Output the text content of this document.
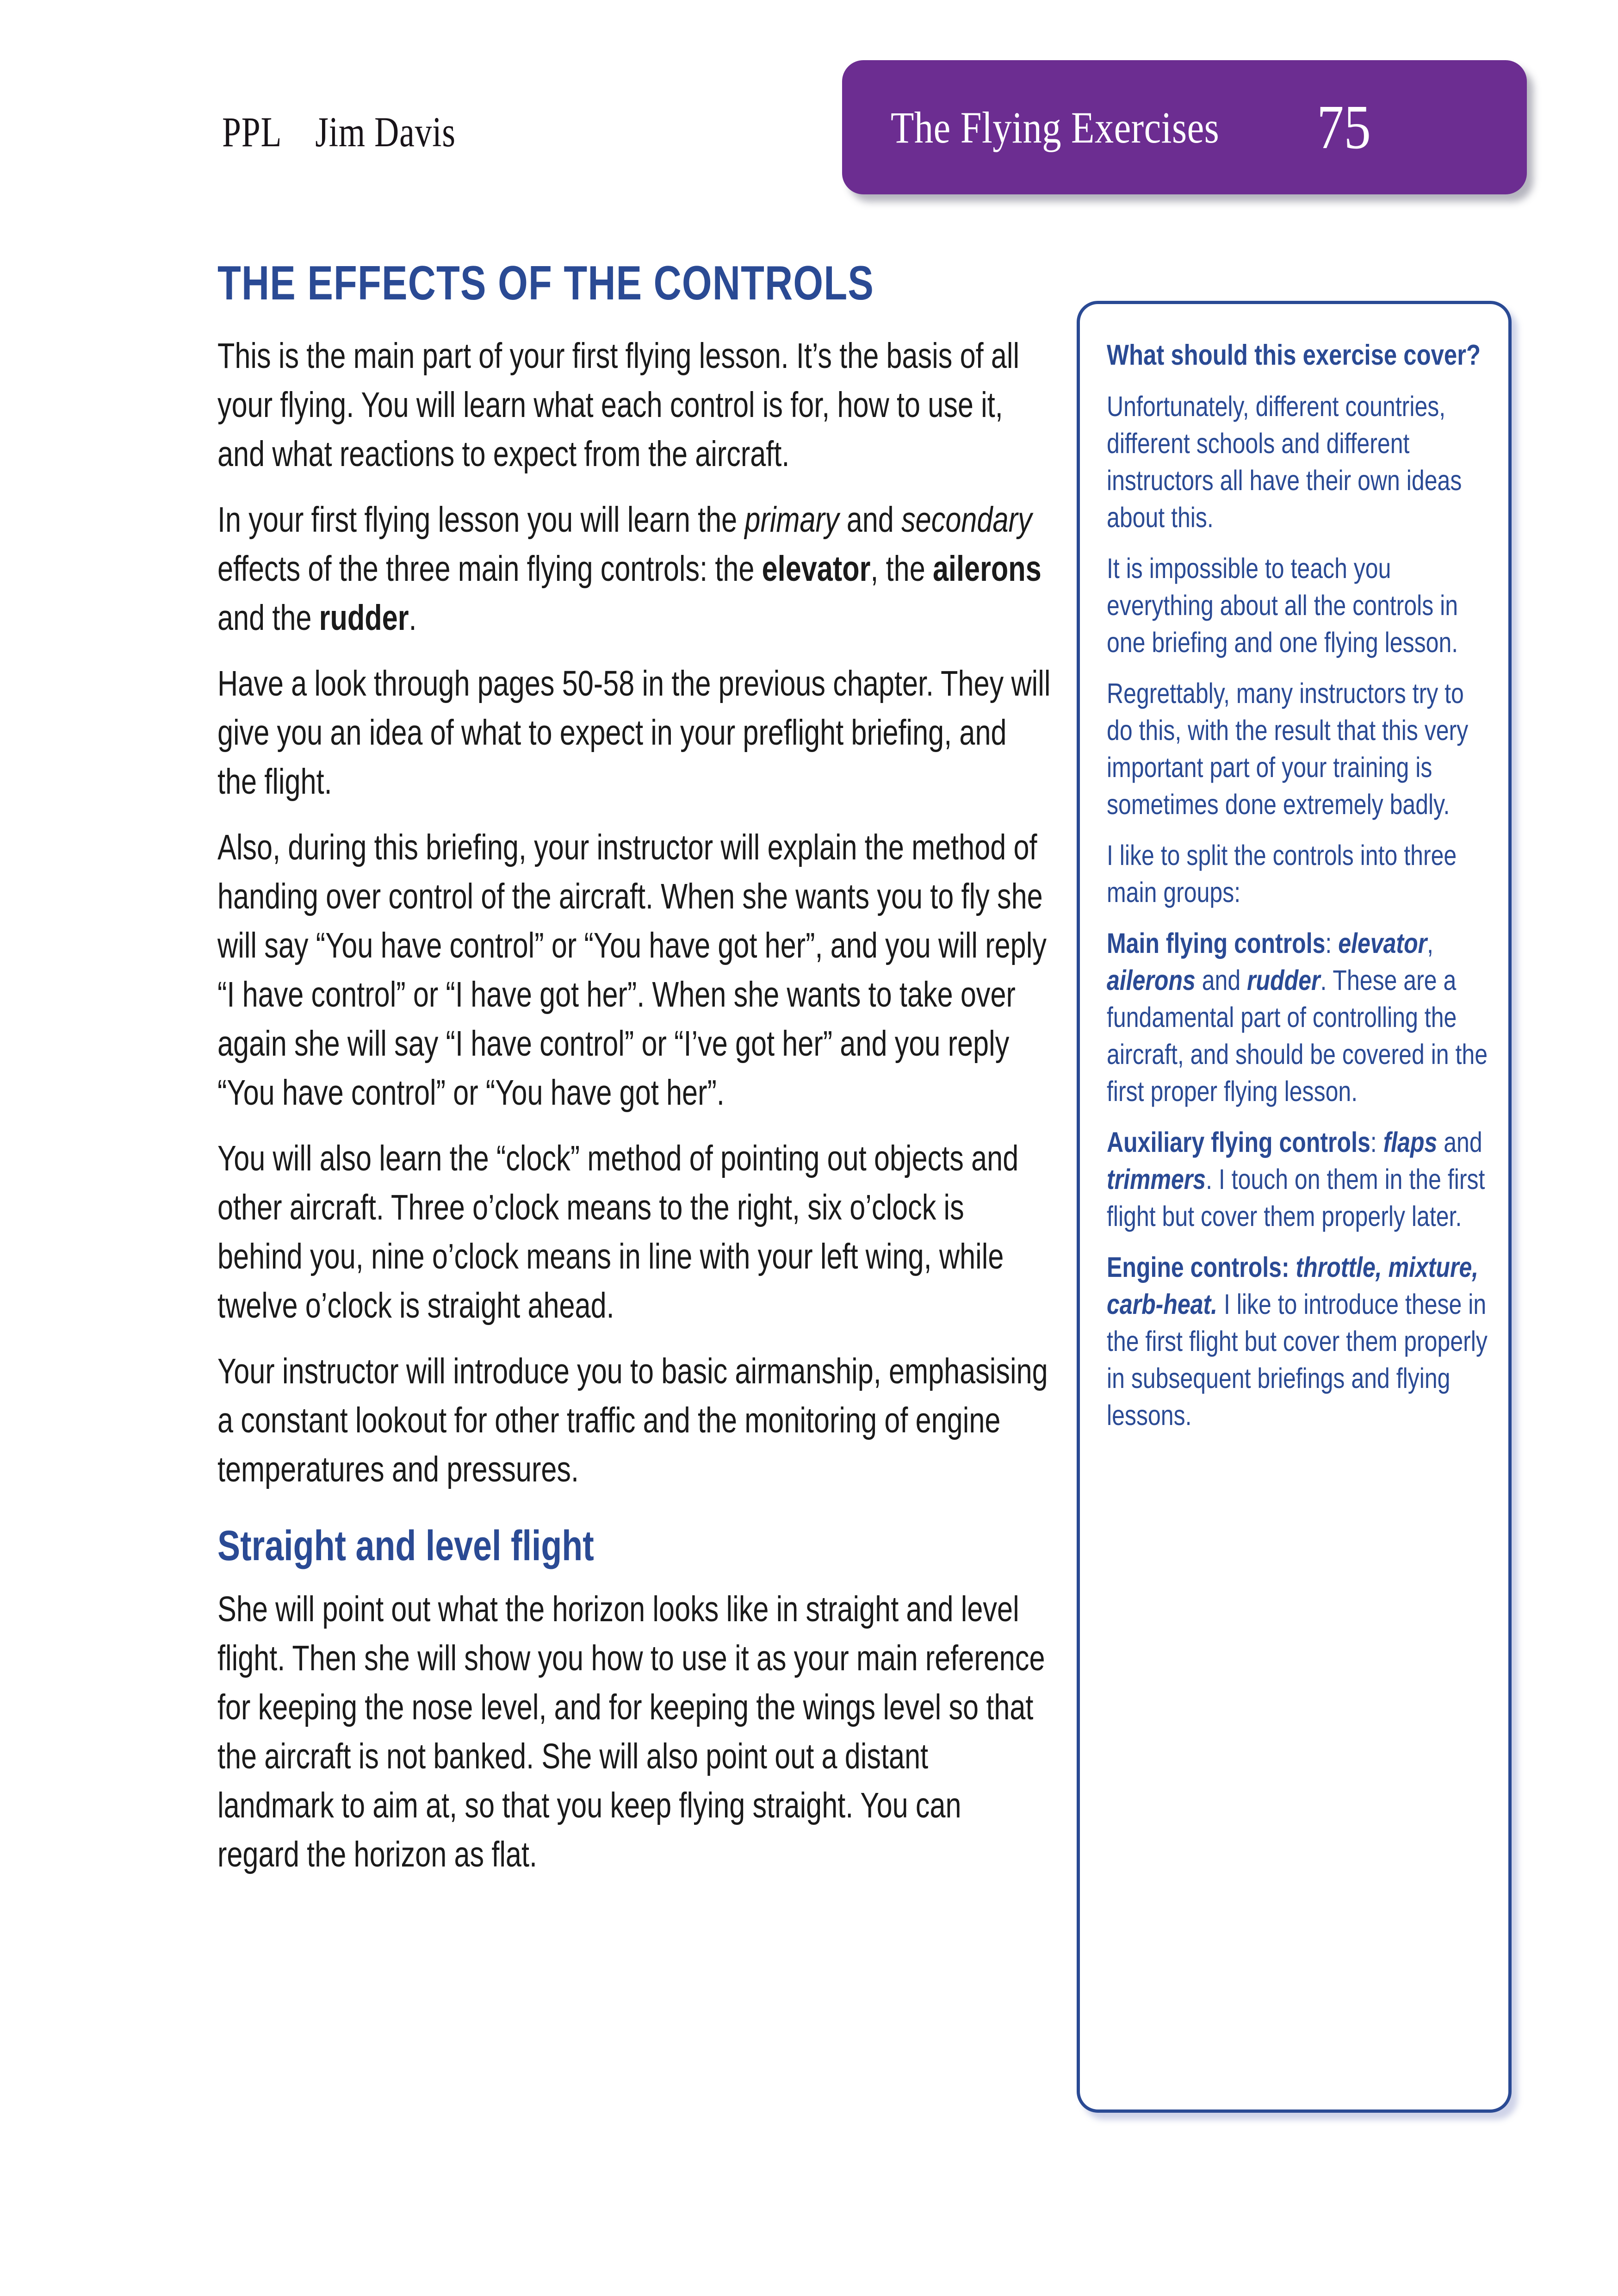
PPL Jim Davis	The Flying Exercises 75
THE EFFECTS OF THE CONTROLS

This is the main part of your first flying lesson. It’s the basis of all your flying. You will learn what each control is for, how to use it, and what reactions to expect from the aircraft.

In your first flying lesson you will learn the primary and secondary effects of the three main flying controls: the elevator, the ailerons and the rudder.

Have a look through pages 50-58 in the previous chapter. They will give you an idea of what to expect in your preflight briefing, and the flight.

Also, during this briefing, your instructor will explain the method of handing over control of the aircraft. When she wants you to fly she will say “You have control” or “You have got her”, and you will reply “I have control” or “I have got her”. When she wants to take over again she will say “I have control” or “I’ve got her” and you reply “You have control” or “You have got her”.

You will also learn the “clock” method of pointing out objects and other aircraft. Three o’clock means to the right, six o’clock is behind you, nine o’clock means in line with your left wing, while twelve o’clock is straight ahead.

Your instructor will introduce you to basic airmanship, emphasising a constant lookout for other traffic and the monitoring of engine temperatures and pressures.

Straight and level flight

She will point out what the horizon looks like in straight and level flight. Then she will show you how to use it as your main reference for keeping the nose level, and for keeping the wings level so that the aircraft is not banked. She will also point out a distant landmark to aim at, so that you keep flying straight. You can regard the horizon as flat.

What should this exercise cover?

Unfortunately, different countries, different schools and different instructors all have their own ideas about this.

It is impossible to teach you everything about all the controls in one briefing and one flying lesson.

Regrettably, many instructors try to do this, with the result that this very important part of your training is sometimes done extremely badly.

I like to split the controls into three main groups:

Main flying controls: elevator, ailerons and rudder. These are a fundamental part of controlling the aircraft, and should be covered in the first proper flying lesson.

Auxiliary flying controls: flaps and trimmers. I touch on them in the first flight but cover them properly later.

Engine controls: throttle, mixture, carb-heat. I like to introduce these in the first flight but cover them properly in subsequent briefings and flying lessons.
